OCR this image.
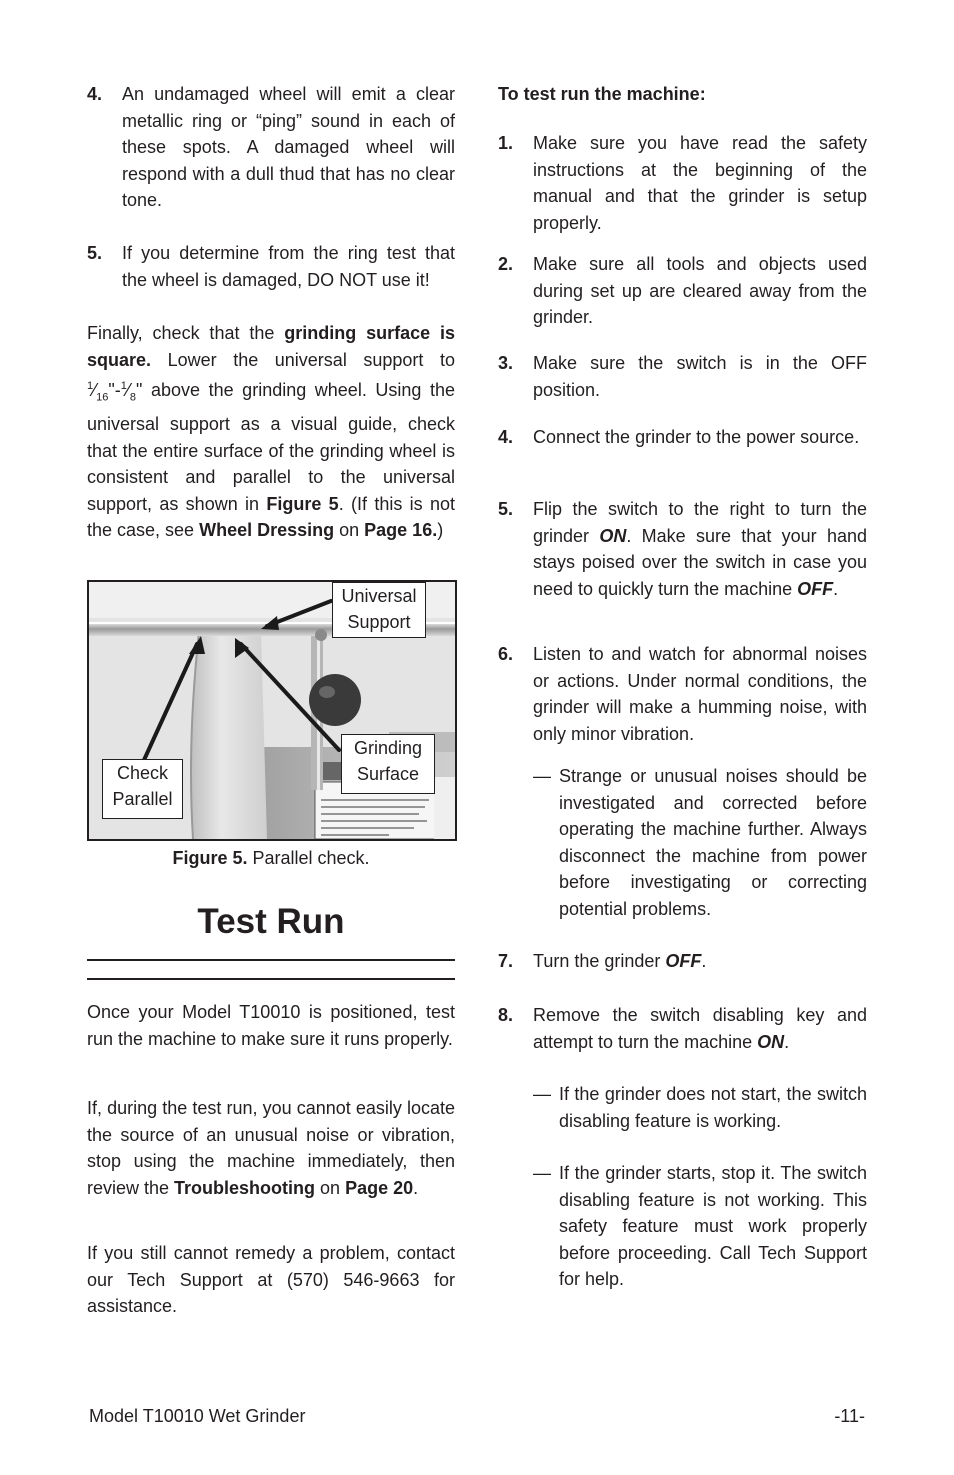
4. An undamaged wheel will emit a clear metallic ring or “ping” sound in each of these spots. A damaged wheel will respond with a dull thud that has no clear tone.
5. If you determine from the ring test that the wheel is damaged, DO NOT use it!
Finally, check that the grinding surface is square. Lower the universal support to $^1⁄_{16}"-^1⁄_8$" above the grinding wheel. Using the universal support as a visual guide, check that the entire surface of the grinding wheel is consistent and parallel to the universal support, as shown in Figure 5. (If this is not the case, see Wheel Dressing on Page 16.)
Universal
Support
Grinding
Surface
Check
Parallel
Figure 5. Parallel check.
Test Run
Once your Model T10010 is positioned, test run the machine to make sure it runs properly.
If, during the test run, you cannot easily locate the source of an unusual noise or vibration, stop using the machine immediately, then review the Troubleshooting on Page 20.
If you still cannot remedy a problem, contact our Tech Support at (570) 546-9663 for assistance.
To test run the machine:
1. Make sure you have read the safety instructions at the beginning of the manual and that the grinder is setup properly.
2. Make sure all tools and objects used during set up are cleared away from the grinder.
3. Make sure the switch is in the OFF position.
4. Connect the grinder to the power source.
5. Flip the switch to the right to turn the grinder ON. Make sure that your hand stays poised over the switch in case you need to quickly turn the machine OFF.
6. Listen to and watch for abnormal noises or actions. Under normal conditions, the grinder will make a humming noise, with only minor vibration.
— Strange or unusual noises should be investigated and corrected before operating the machine further. Always disconnect the machine from power before investigating or correcting potential problems.
7. Turn the grinder OFF.
8. Remove the switch disabling key and attempt to turn the machine ON.
— If the grinder does not start, the switch disabling feature is working.
— If the grinder starts, stop it. The switch disabling feature is not working. This safety feature must work properly before proceeding. Call Tech Support for help.
Model T10010 Wet Grinder	-11-
